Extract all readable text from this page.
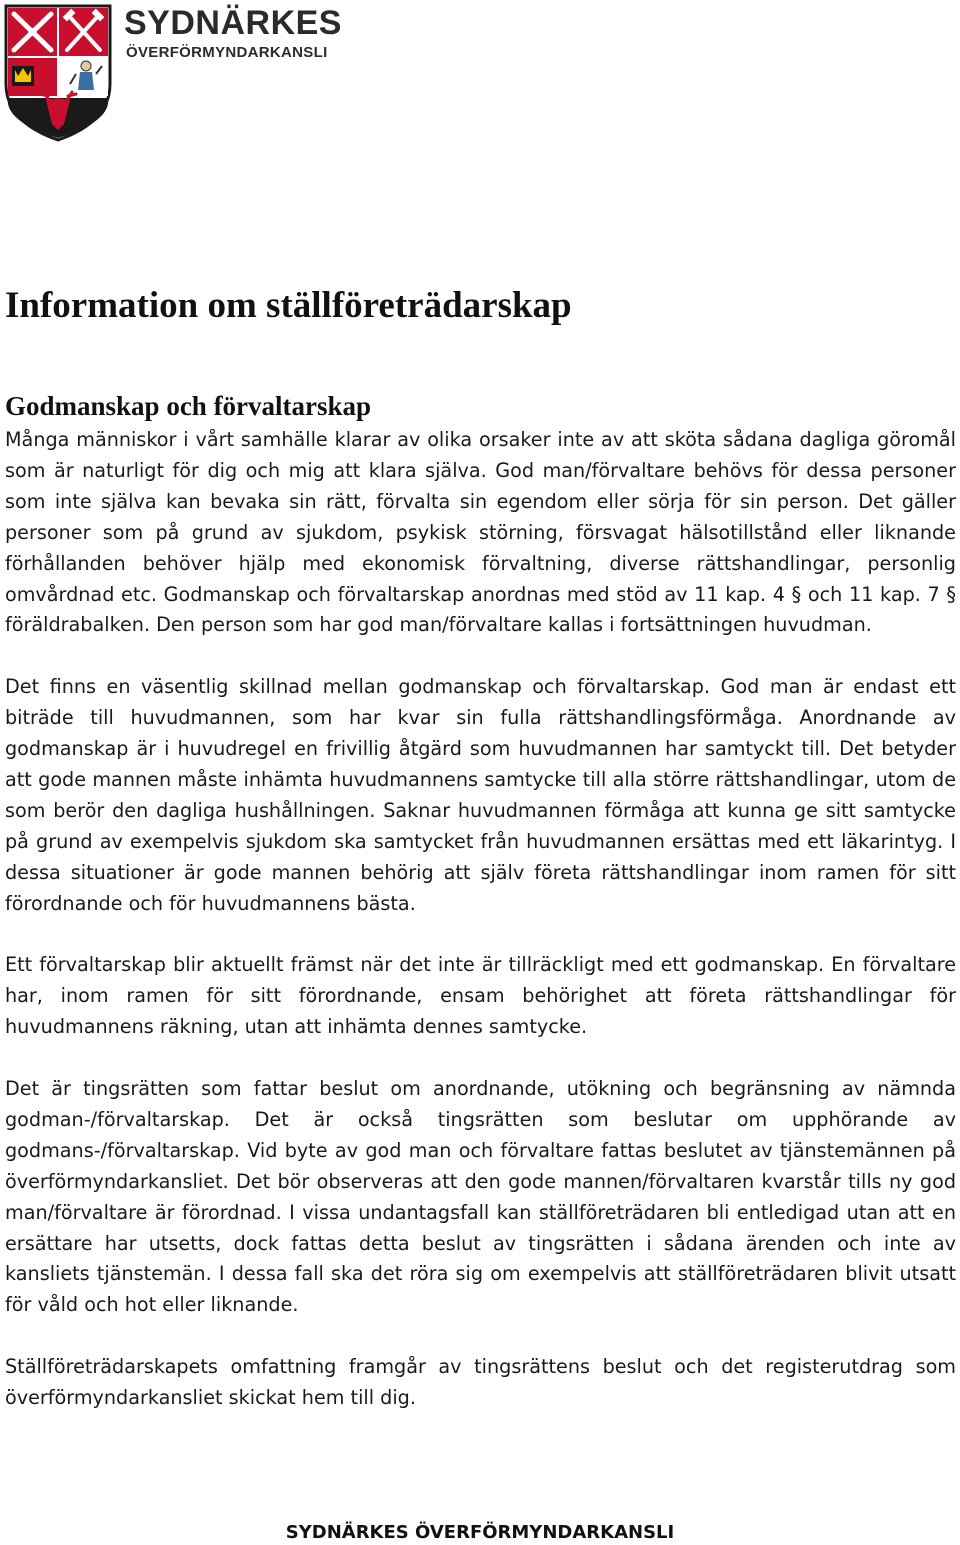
SYDNÄRKES
ÖVERFÖRMYNDARKANSLI
Information om ställföreträdarskap
Godmanskap och förvaltarskap

Många människor i vårt samhälle klarar av olika orsaker inte av att sköta sådana dagliga göromål som är naturligt för dig och mig att klara själva. God man/förvaltare behövs för dessa personer som inte själva kan bevaka sin rätt, förvalta sin egendom eller sörja för sin person. Det gäller personer som på grund av sjukdom, psykisk störning, försvagat hälsotillstånd eller liknande förhållanden behöver hjälp med ekonomisk förvaltning, diverse rättshandlingar, personlig omvårdnad etc. Godmanskap och förvaltarskap anordnas med stöd av 11 kap. 4 § och 11 kap. 7 § föräldrabalken. Den person som har god man/förvaltare kallas i fortsättningen huvudman.

Det finns en väsentlig skillnad mellan godmanskap och förvaltarskap. God man är endast ett biträde till huvudmannen, som har kvar sin fulla rättshandlingsförmåga. Anordnande av godmanskap är i huvudregel en frivillig åtgärd som huvudmannen har samtyckt till. Det betyder att gode mannen måste inhämta huvudmannens samtycke till alla större rättshandlingar, utom de som berör den dagliga hushållningen. Saknar huvudmannen förmåga att kunna ge sitt samtycke på grund av exempelvis sjukdom ska samtycket från huvudmannen ersättas med ett läkarintyg. I dessa situationer är gode mannen behörig att själv företa rättshandlingar inom ramen för sitt förordnande och för huvudmannens bästa.

Ett förvaltarskap blir aktuellt främst när det inte är tillräckligt med ett godmanskap. En förvaltare har, inom ramen för sitt förordnande, ensam behörighet att företa rättshandlingar för huvudmannens räkning, utan att inhämta dennes samtycke.

Det är tingsrätten som fattar beslut om anordnande, utökning och begränsning av nämnda godman-/förvaltarskap. Det är också tingsrätten som beslutar om upphörande av godmans-/förvaltarskap. Vid byte av god man och förvaltare fattas beslutet av tjänstemännen på överförmyndarkansliet. Det bör observeras att den gode mannen/förvaltaren kvarstår tills ny god man/förvaltare är förordnad. I vissa undantagsfall kan ställföreträdaren bli entledigad utan att en ersättare har utsetts, dock fattas detta beslut av tingsrätten i sådana ärenden och inte av kansliets tjänstemän. I dessa fall ska det röra sig om exempelvis att ställföreträdaren blivit utsatt för våld och hot eller liknande.

Ställföreträdarskapets omfattning framgår av tingsrättens beslut och det registerutdrag som överförmyndarkansliet skickat hem till dig.

SYDNÄRKES ÖVERFÖRMYNDARKANSLI
